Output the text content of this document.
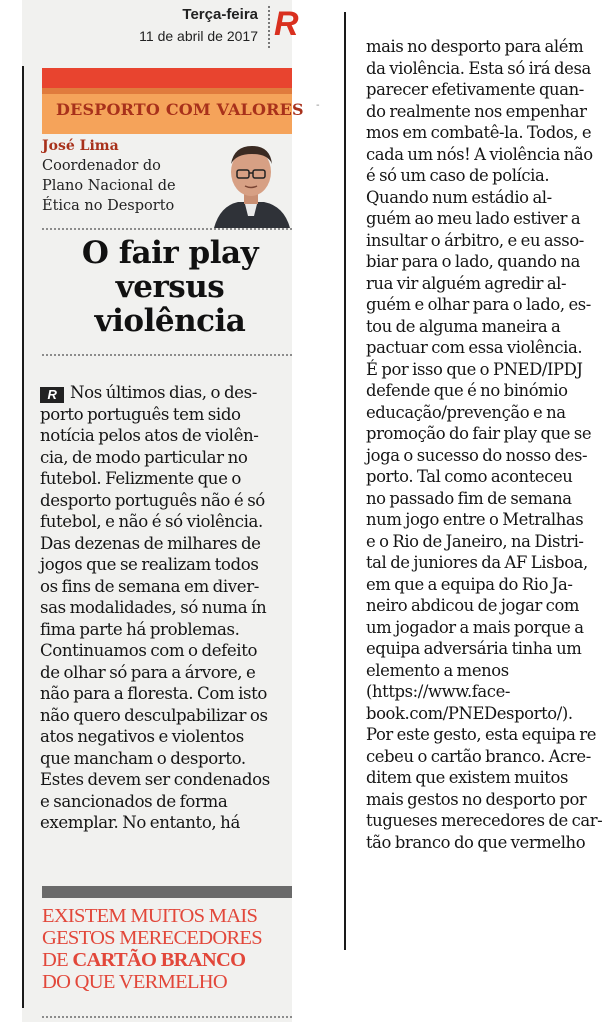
Terça-feira
11 de abril de 2017 R
DESPORTO COM VALORES
José Lima
Coordenador do
Plano Nacional de
Ética no Desporto
O fair play versus violência
R Nos últimos dias, o des-
porto português tem sido
notícia pelos atos de violên-
cia, de modo particular no
futebol. Felizmente que o
desporto português não é só
futebol, e não é só violência.
Das dezenas de milhares de
jogos que se realizam todos
os fins de semana em diver-
sas modalidades, só numa ín
fima parte há problemas.
Continuamos com o defeito
de olhar só para a árvore, e
não para a floresta. Com isto
não quero desculpabilizar os
atos negativos e violentos
que mancham o desporto.
Estes devem ser condenados
e sancionados de forma
exemplar. No entanto, há
EXISTEM MUITOS MAIS
GESTOS MERECEDORES
DE CARTÃO BRANCO
DO QUE VERMELHO
-
mais no desporto para além
da violência. Esta só irá desa
parecer efetivamente quan-
do realmente nos empenhar
mos em combatê-la. Todos, e
cada um nós! A violência não
é só um caso de polícia.
Quando num estádio al-
guém ao meu lado estiver a
insultar o árbitro, e eu asso-
biar para o lado, quando na
rua vir alguém agredir al-
guém e olhar para o lado, es-
tou de alguma maneira a
pactuar com essa violência.
É por isso que o PNED/IPDJ
defende que é no binómio
educação/prevenção e na
promoção do fair play que se
joga o sucesso do nosso des-
porto. Tal como aconteceu
no passado fim de semana
num jogo entre o Metralhas
e o Rio de Janeiro, na Distri-
tal de juniores da AF Lisboa,
em que a equipa do Rio Ja-
neiro abdicou de jogar com
um jogador a mais porque a
equipa adversária tinha um
elemento a menos
(https://www.face-
book.com/PNEDesporto/).
Por este gesto, esta equipa re
cebeu o cartão branco. Acre-
ditem que existem muitos
mais gestos no desporto por
tugueses merecedores de car-
tão branco do que vermelho
